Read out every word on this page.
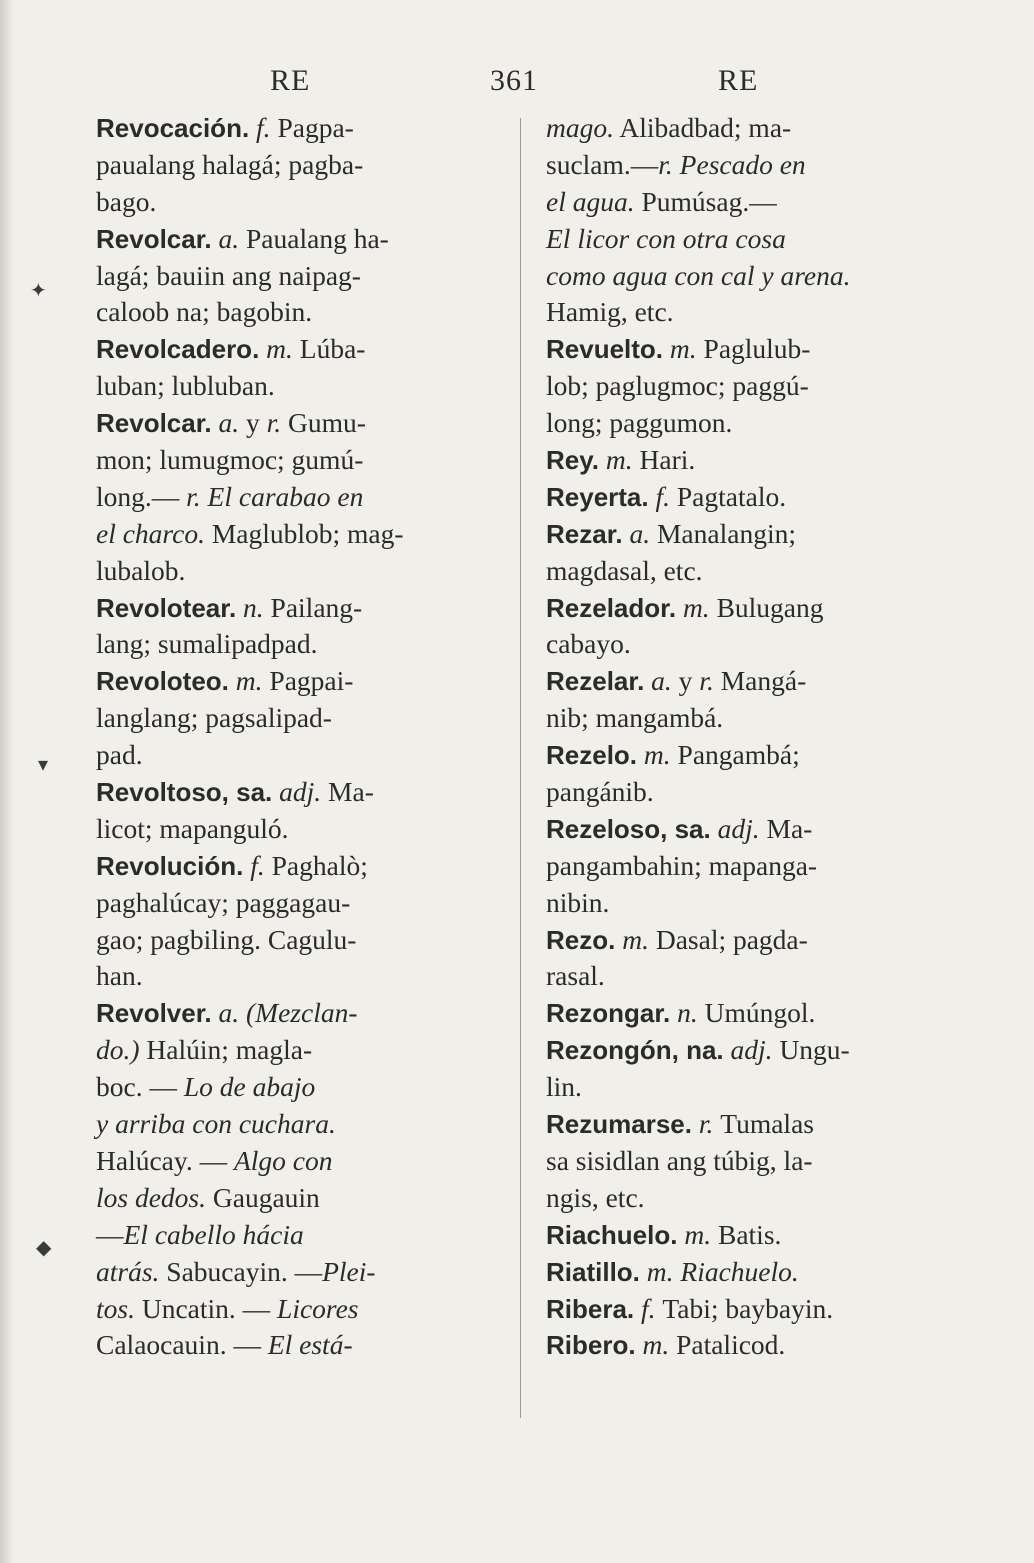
✦
▾
◆
RE	361	RE
Revocación. f. Pagpa-
paualang halagá; pagba-
bago.
Revolcar. a. Paualang ha-
lagá; bauiin ang naipag-
caloob na; bagobin.
Revolcadero. m. Lúba-
luban; lubluban.
Revolcar. a. y r. Gumu-
mon; lumugmoc; gumú-
long.— r. El carabao en
el charco. Maglublob; mag-
lubalob.
Revolotear. n. Pailang-
lang; sumalipadpad.
Revoloteo. m. Pagpai-
langlang; pagsalipad-
pad.
Revoltoso, sa. adj. Ma-
licot; mapanguló.
Revolución. f. Paghalò;
paghalúcay; paggagau-
gao; pagbiling. Cagulu-
han.
Revolver. a. (Mezclan-
do.) Halúin; magla-
boc. — Lo de abajo
y arriba con cuchara.
Halúcay. — Algo con
los dedos. Gaugauin
—El cabello hácia
atrás. Sabucayin. —Plei-
tos. Uncatin. — Licores
Calaocauin. — El está-
mago. Alibadbad; ma-
suclam.—r. Pescado en
el agua. Pumúsag.—
El licor con otra cosa
como agua con cal y arena.
Hamig, etc.
Revuelto. m. Paglulub-
lob; paglugmoc; paggú-
long; paggumon.
Rey. m. Hari.
Reyerta. f. Pagtatalo.
Rezar. a. Manalangin;
magdasal, etc.
Rezelador. m. Bulugang
cabayo.
Rezelar. a. y r. Mangá-
nib; mangambá.
Rezelo. m. Pangambá;
pangánib.
Rezeloso, sa. adj. Ma-
pangambahin; mapanga-
nibin.
Rezo. m. Dasal; pagda-
rasal.
Rezongar. n. Umúngol.
Rezongón, na. adj. Ungu-
lin.
Rezumarse. r. Tumalas
sa sisidlan ang túbig, la-
ngis, etc.
Riachuelo. m. Batis.
Riatillo. m. Riachuelo.
Ribera. f. Tabi; baybayin.
Ribero. m. Patalicod.
